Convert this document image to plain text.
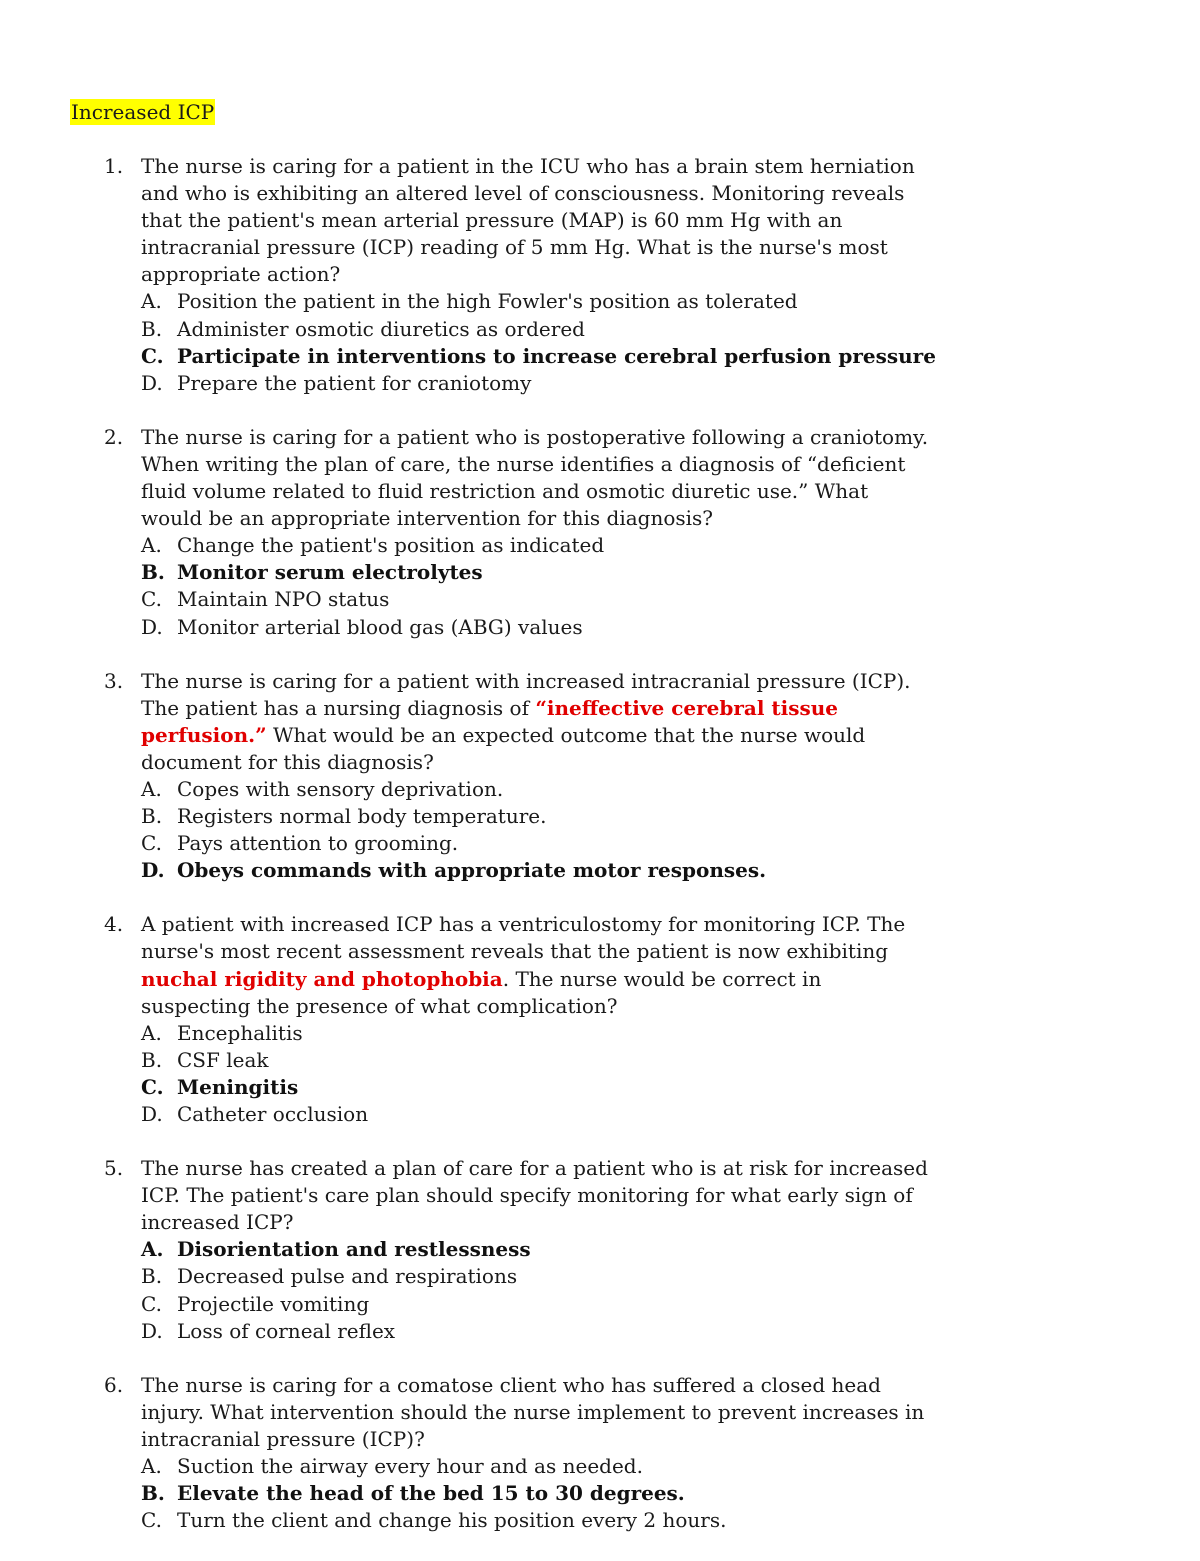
Increased ICP
1. The nurse is caring for a patient in the ICU who has a brain stem herniation and who is exhibiting an altered level of consciousness. Monitoring reveals that the patient's mean arterial pressure (MAP) is 60 mm Hg with an intracranial pressure (ICP) reading of 5 mm Hg. What is the nurse's most appropriate action?
A. Position the patient in the high Fowler's position as tolerated
B. Administer osmotic diuretics as ordered
C. Participate in interventions to increase cerebral perfusion pressure
D. Prepare the patient for craniotomy
2. The nurse is caring for a patient who is postoperative following a craniotomy. When writing the plan of care, the nurse identifies a diagnosis of “deficient fluid volume related to fluid restriction and osmotic diuretic use.” What would be an appropriate intervention for this diagnosis?
A. Change the patient's position as indicated
B. Monitor serum electrolytes
C. Maintain NPO status
D. Monitor arterial blood gas (ABG) values
3. The nurse is caring for a patient with increased intracranial pressure (ICP). The patient has a nursing diagnosis of “ineffective cerebral tissue perfusion.” What would be an expected outcome that the nurse would document for this diagnosis?
A. Copes with sensory deprivation.
B. Registers normal body temperature.
C. Pays attention to grooming.
D. Obeys commands with appropriate motor responses.
4. A patient with increased ICP has a ventriculostomy for monitoring ICP. The nurse's most recent assessment reveals that the patient is now exhibiting nuchal rigidity and photophobia. The nurse would be correct in suspecting the presence of what complication?
A. Encephalitis
B. CSF leak
C. Meningitis
D. Catheter occlusion
5. The nurse has created a plan of care for a patient who is at risk for increased ICP. The patient's care plan should specify monitoring for what early sign of increased ICP?
A. Disorientation and restlessness
B. Decreased pulse and respirations
C. Projectile vomiting
D. Loss of corneal reflex
6. The nurse is caring for a comatose client who has suffered a closed head injury. What intervention should the nurse implement to prevent increases in intracranial pressure (ICP)?
A. Suction the airway every hour and as needed.
B. Elevate the head of the bed 15 to 30 degrees.
C. Turn the client and change his position every 2 hours.
